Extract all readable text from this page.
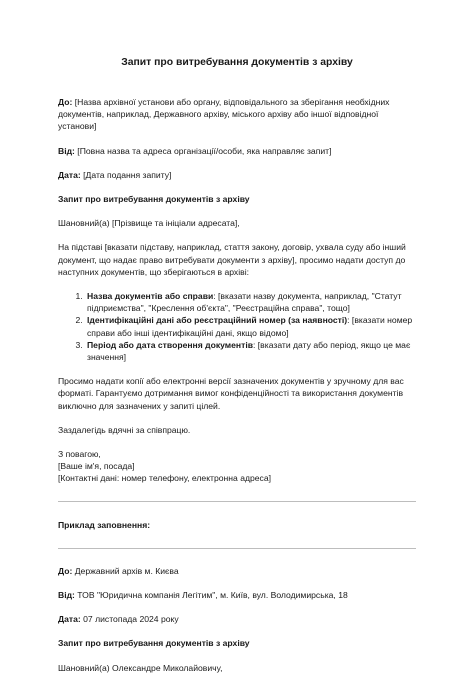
Запит про витребування документів з архіву

До: [Назва архівної установи або органу, відповідального за зберігання необхідних документів, наприклад, Державного архіву, міського архіву або іншої відповідної установи]

Від: [Повна назва та адреса організації/особи, яка направляє запит]

Дата: [Дата подання запиту]

Запит про витребування документів з архіву

Шановний(а) [Прізвище та ініціали адресата],

На підставі [вказати підставу, наприклад, стаття закону, договір, ухвала суду або інший документ, що надає право витребувати документи з архіву], просимо надати доступ до наступних документів, що зберігаються в архіві:

1. Назва документів або справи: [вказати назву документа, наприклад, "Статут підприємства", "Креслення об'єкта", "Реєстраційна справа", тощо]
2. Ідентифікаційні дані або реєстраційний номер (за наявності): [вказати номер справи або інші ідентифікаційні дані, якщо відомо]
3. Період або дата створення документів: [вказати дату або період, якщо це має значення]

Просимо надати копії або електронні версії зазначених документів у зручному для вас форматі. Гарантуємо дотримання вимог конфіденційності та використання документів виключно для зазначених у запиті цілей.

Заздалегідь вдячні за співпрацю.

З повагою,
[Ваше ім'я, посада]
[Контактні дані: номер телефону, електронна адреса]

Приклад заповнення:

До: Державний архів м. Києва

Від: ТОВ "Юридична компанія Легітим", м. Київ, вул. Володимирська, 18

Дата: 07 листопада 2024 року

Запит про витребування документів з архіву

Шановний(а) Олександре Миколайовичу,
